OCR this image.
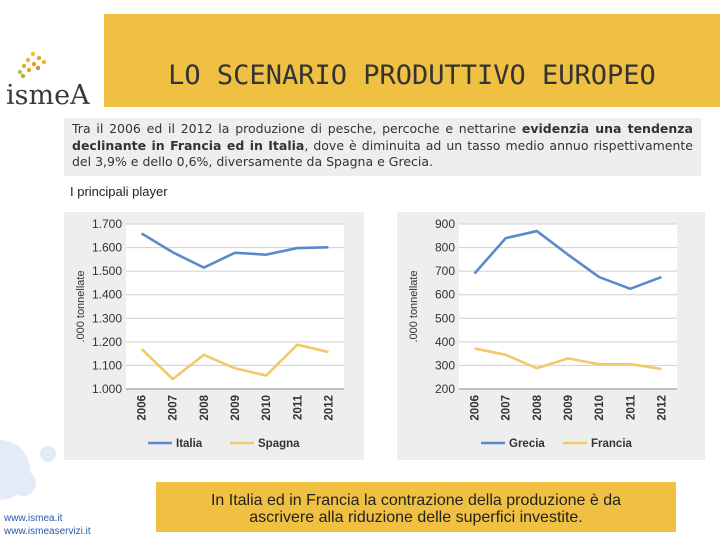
ismeA
LO SCENARIO PRODUTTIVO EUROPEO
Tra il 2006 ed il 2012 la produzione di pesche, percoche e nettarine evidenzia una tendenza declinante in Francia ed in Italia, dove è diminuita ad un tasso medio annuo rispettivamente del 3,9% e dello 0,6%, diversamente da Spagna e Grecia.
I principali player
1.000
1.100
1.200
1.300
1.400
1.500
1.600
1.700
.000 tonnellate
2006 2007 2008 2009 2010 2011 2012
Italia	Spagna
200
300
400
500
600
700
800
900
.000 tonnellate
2006 2007 2008 2009 2010 2011 2012
Grecia	Francia
In Italia ed in Francia la contrazione della produzione è da
ascrivere alla riduzione delle superfici investite.
www.ismea.it
www.ismeaservizi.it
